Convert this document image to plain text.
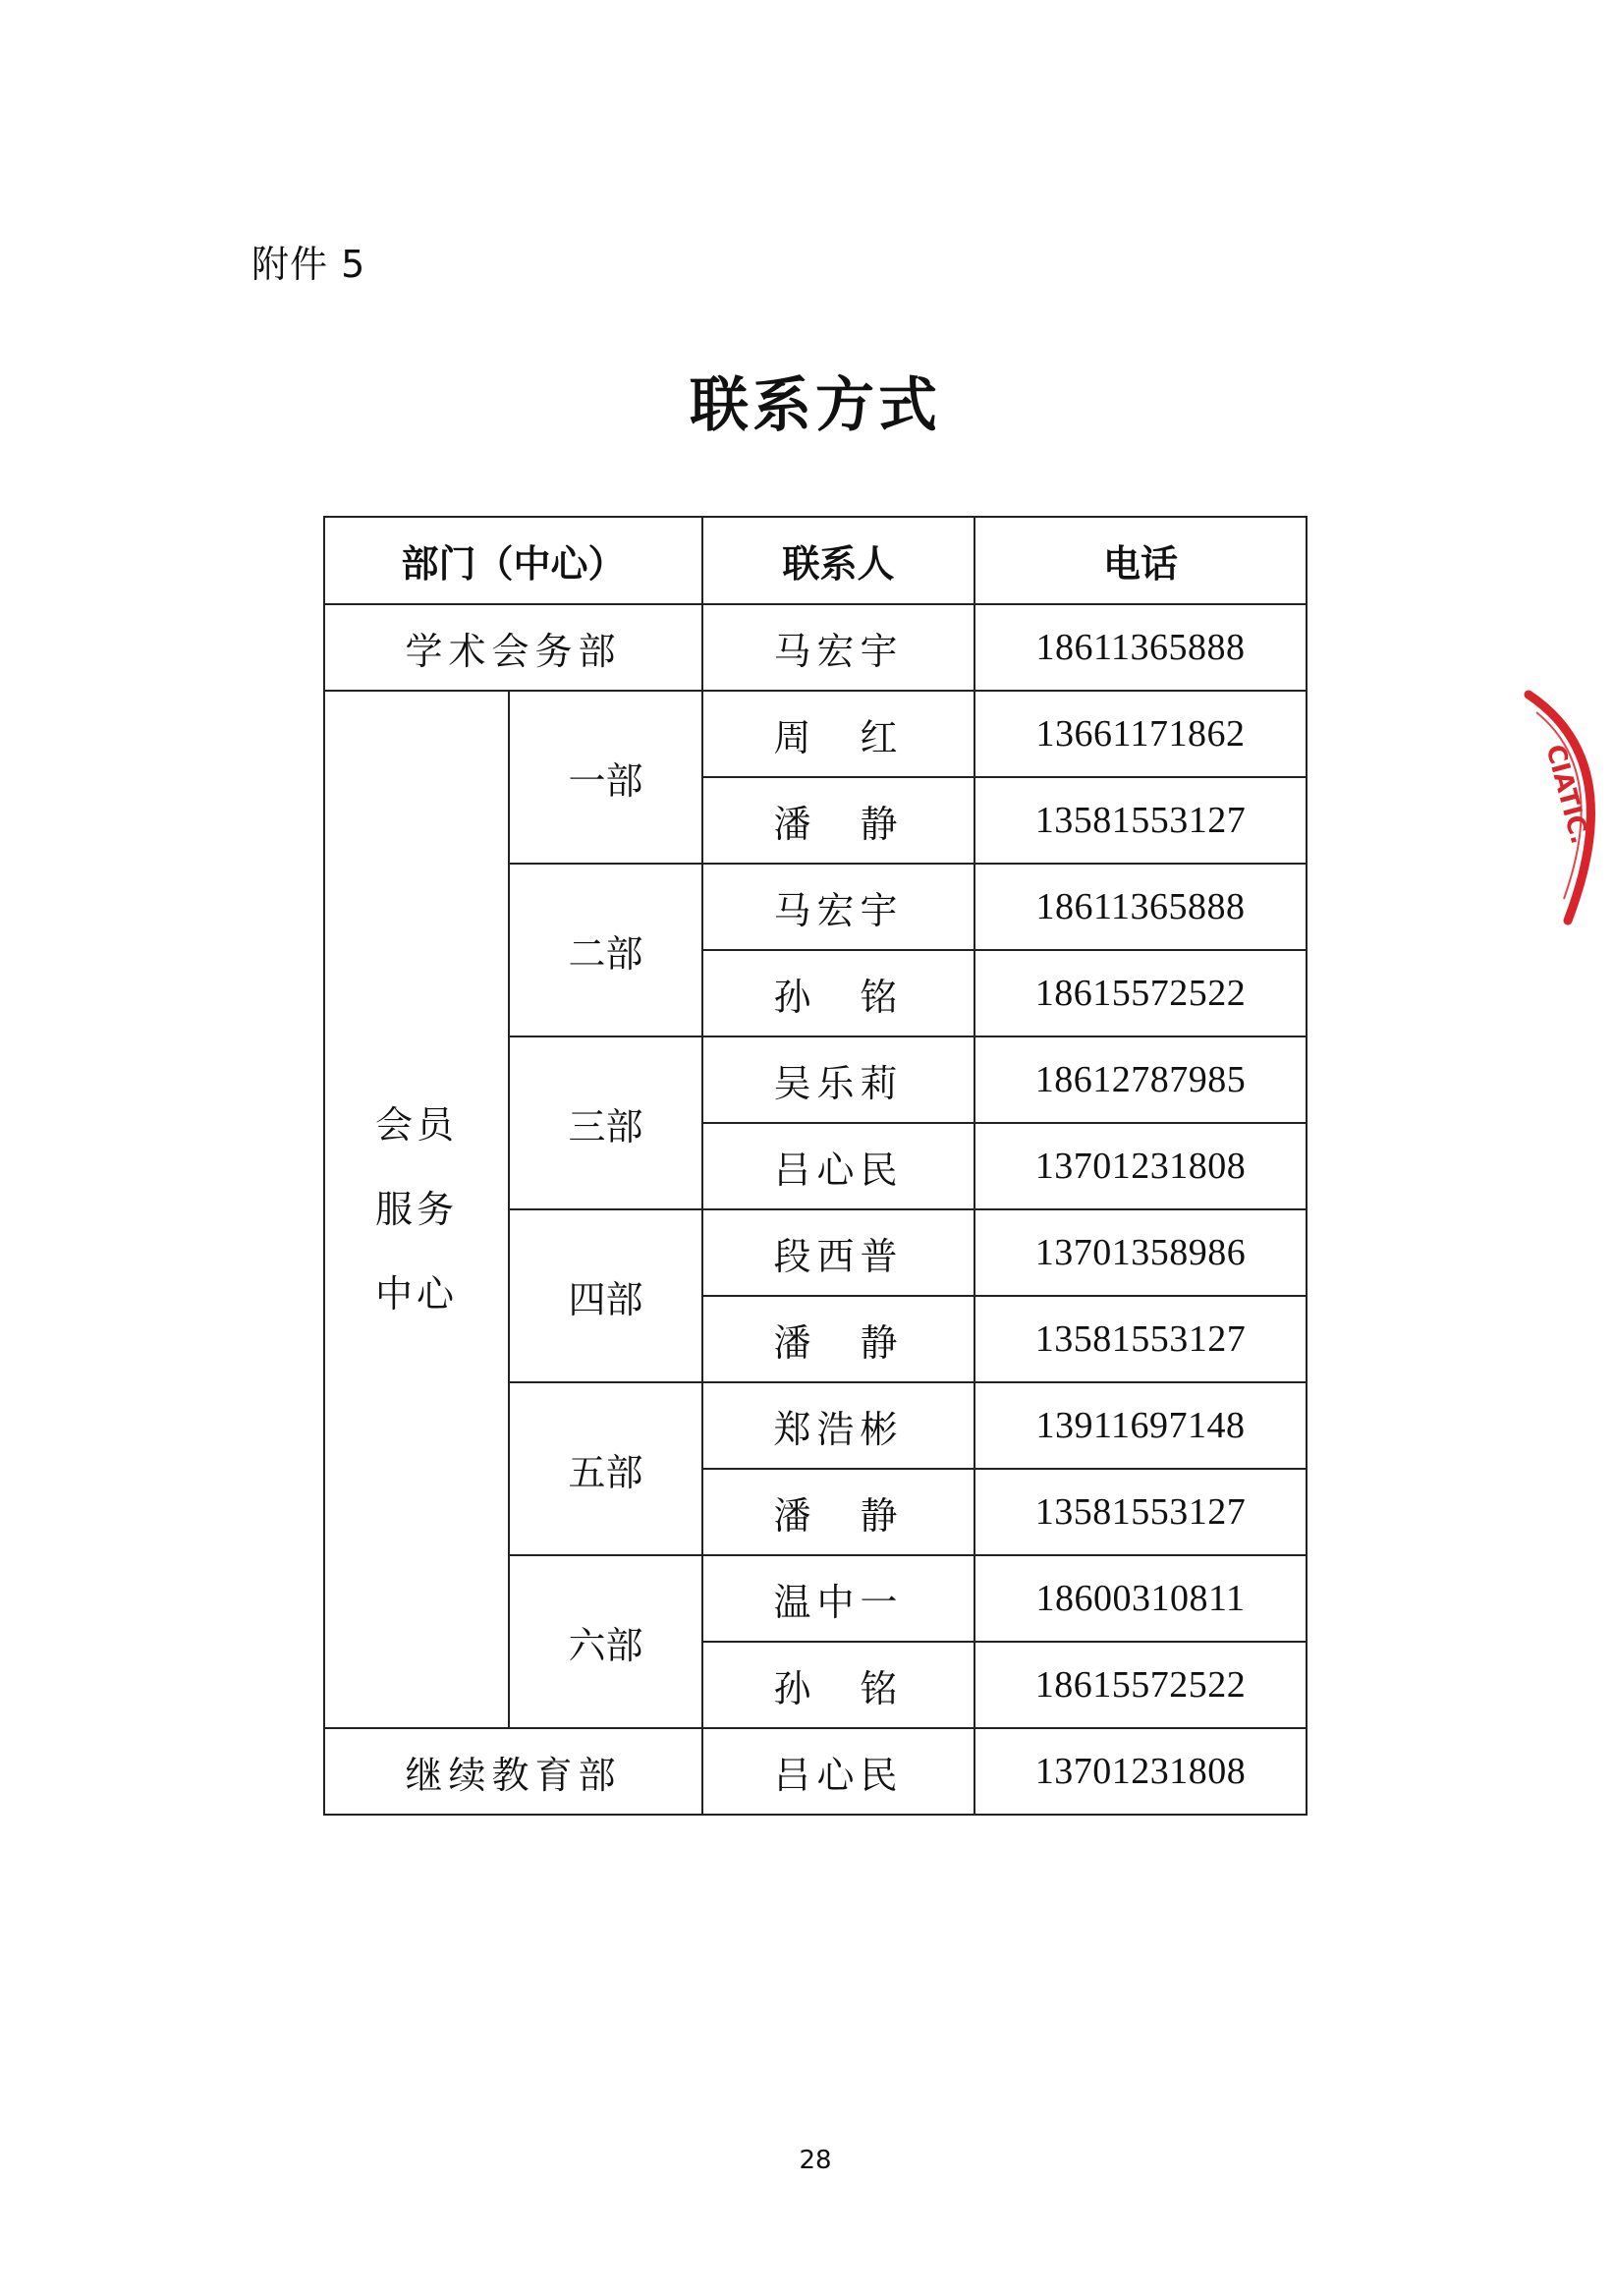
附件 5
联系方式
部门（中心）		联系人	电话
学术会务部		马宏宇	18611365888

会员
服务
中心	一部	周　红	13661171862
		潘　静	13581553127
	二部	马宏宇	18611365888
		孙　铭	18615572522
	三部	吴乐莉	18612787985
		吕心民	13701231808
	四部	段西普	13701358986
		潘　静	13581553127
	五部	郑浩彬	13911697148
		潘　静	13581553127
	六部	温中一	18600310811
		孙　铭	18615572522
继续教育部		吕心民	13701231808
CIATIC.
28
